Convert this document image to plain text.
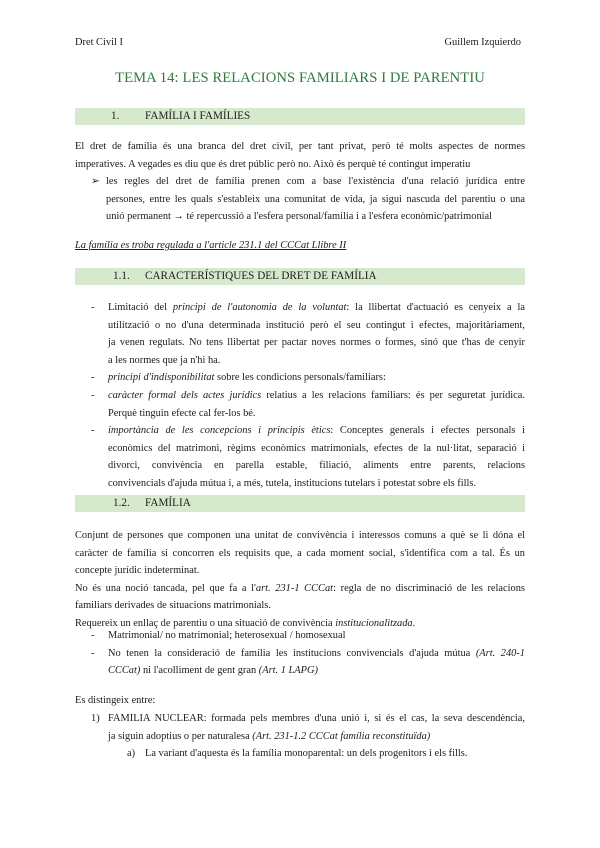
Dret Civil I	Guillem Izquierdo
TEMA 14: LES RELACIONS FAMILIARS I DE PARENTIU
1. FAMÍLIA I FAMÍLIES
El dret de família és una branca del dret civil, per tant privat, però té molts aspectes de normes
imperatives. A vegades es diu que és dret públic però no. Això és perquè té contingut imperatiu
➢ les regles del dret de família prenen com a base l'existència d'una relació jurídica entre
persones, entre les quals s'estableix una comunitat de vida, ja sigui nascuda del parentiu o una
unió permanent → té repercussió a l'esfera personal/familia i a l'esfera econòmic/patrimonial
La família es troba regulada a l'article 231.1 del CCCat Llibre II
1.1. CARACTERÍSTIQUES DEL DRET DE FAMÍLIA
- Limitació del principi de l'autonomia de la voluntat: la llibertat d'actuació es cenyeix a la
utilització o no d'una determinada institució però el seu contingut i efectes, majoritàriament,
ja venen regulats. No tens llibertat per pactar noves normes o formes, sinó que t'has de cenyir
a les normes que ja n'hi ha.
- principi d'indisponibilitat sobre les condicions personals/familiars:
- caràcter formal dels actes jurídics relatius a les relacions familiars: és per seguretat jurídica.
Perquè tinguin efecte cal fer-los bé.
- importància de les concepcions i principis ètics: Conceptes generals i efectes personals i
econòmics del matrimoni, règims econòmics matrimonials, efectes de la nul·litat, separació i
divorci, convivència en parella estable, filiació, aliments entre parents, relacions
convivencials d'ajuda mútua i, a més, tutela, institucions tutelars i potestat sobre els fills.
1.2. FAMÍLIA
Conjunt de persones que componen una unitat de convivència i interessos comuns a què se li dóna el
caràcter de família si concorren els requisits que, a cada moment social, s'identifica com a tal. És un
concepte jurídic indeterminat.
No és una noció tancada, pel que fa a l'art. 231-1 CCCat: regla de no discriminació de les relacions
familiars derivades de situacions matrimonials.
Requereix un enllaç de parentiu o una situació de convivència institucionalitzada.
- Matrimonial/ no matrimonial; heterosexual / homosexual
- No tenen la consideració de família les institucions convivencials d'ajuda mútua (Art. 240-1
CCCat) ni l'acolliment de gent gran (Art. 1 LAPG)
Es distingeix entre:
1) FAMILIA NUCLEAR: formada pels membres d'una unió i, si és el cas, la seva descendència,
ja siguin adoptius o per naturalesa (Art. 231-1.2 CCCat família reconstituïda)
a) La variant d'aquesta és la família monoparental: un dels progenitors i els fills.
